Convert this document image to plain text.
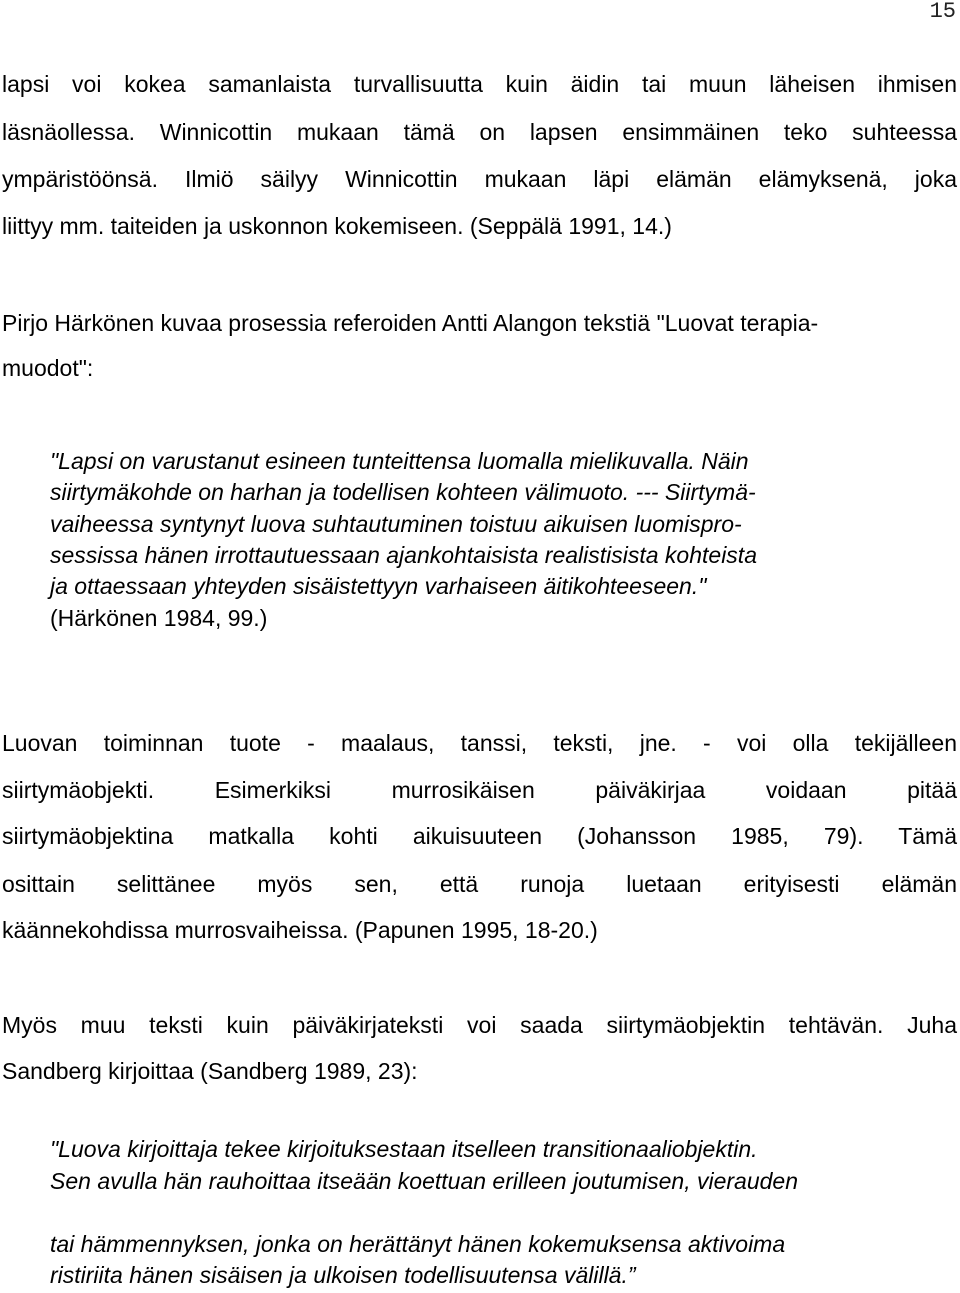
15

lapsi voi kokea samanlaista turvallisuutta kuin äidin tai muun läheisen ihmisen

läsnäollessa. Winnicottin mukaan tämä on lapsen ensimmäinen teko suhteessa

ympäristöönsä. Ilmiö säilyy Winnicottin mukaan läpi elämän elämyksenä, joka

liittyy mm. taiteiden ja uskonnon kokemiseen. (Seppälä 1991, 14.)

Pirjo Härkönen kuvaa prosessia referoiden Antti Alangon tekstiä "Luovat terapia-

muodot":

"Lapsi on varustanut esineen tunteittensa luomalla mielikuvalla. Näin

siirtymäkohde on harhan ja todellisen kohteen välimuoto. --- Siirtymä-

vaiheessa syntynyt luova suhtautuminen toistuu aikuisen luomispro-

sessissa hänen irrottautuessaan ajankohtaisista realistisista kohteista

ja ottaessaan yhteyden sisäistettyyn varhaiseen äitikohteeseen."

(Härkönen 1984, 99.)

Luovan toiminnan tuote - maalaus, tanssi, teksti, jne. - voi olla tekijälleen

siirtymäobjekti. Esimerkiksi murrosikäisen päiväkirjaa voidaan pitää

siirtymäobjektina matkalla kohti aikuisuuteen (Johansson 1985, 79). Tämä

osittain selittänee myös sen, että runoja luetaan erityisesti elämän

käännekohdissa murrosvaiheissa. (Papunen 1995, 18-20.)

Myös muu teksti kuin päiväkirjateksti voi saada siirtymäobjektin tehtävän. Juha

Sandberg kirjoittaa (Sandberg 1989, 23):

"Luova kirjoittaja tekee kirjoituksestaan itselleen transitionaaliobjektin.

Sen avulla hän rauhoittaa itseään koettuan erilleen joutumisen, vierauden

tai hämmennyksen, jonka on herättänyt hänen kokemuksensa aktivoima

ristiriita hänen sisäisen ja ulkoisen todellisuutensa välillä.”
